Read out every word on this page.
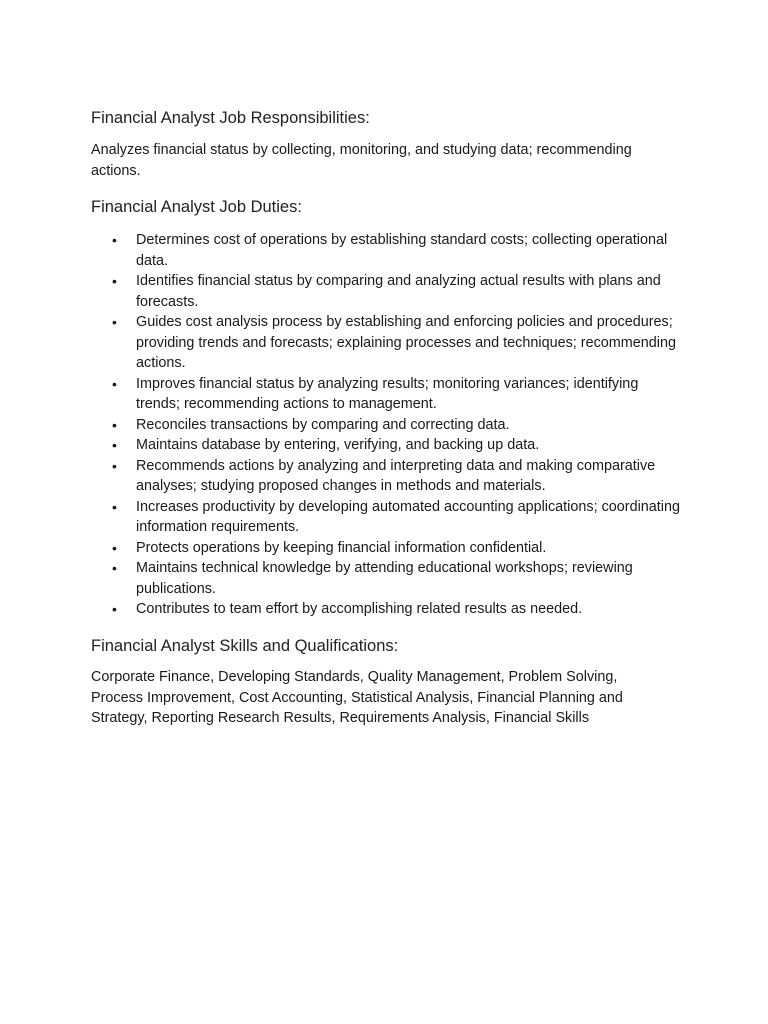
Financial Analyst Job Responsibilities:

Analyzes financial status by collecting, monitoring, and studying data; recommending actions.

Financial Analyst Job Duties:
• Determines cost of operations by establishing standard costs; collecting operational data.
• Identifies financial status by comparing and analyzing actual results with plans and forecasts.
• Guides cost analysis process by establishing and enforcing policies and procedures; providing trends and forecasts; explaining processes and techniques; recommending actions.
• Improves financial status by analyzing results; monitoring variances; identifying trends; recommending actions to management.
• Reconciles transactions by comparing and correcting data.
• Maintains database by entering, verifying, and backing up data.
• Recommends actions by analyzing and interpreting data and making comparative analyses; studying proposed changes in methods and materials.
• Increases productivity by developing automated accounting applications; coordinating information requirements.
• Protects operations by keeping financial information confidential.
• Maintains technical knowledge by attending educational workshops; reviewing publications.
• Contributes to team effort by accomplishing related results as needed.
Financial Analyst Skills and Qualifications:

Corporate Finance, Developing Standards, Quality Management, Problem Solving, Process Improvement, Cost Accounting, Statistical Analysis, Financial Planning and Strategy, Reporting Research Results, Requirements Analysis, Financial Skills
